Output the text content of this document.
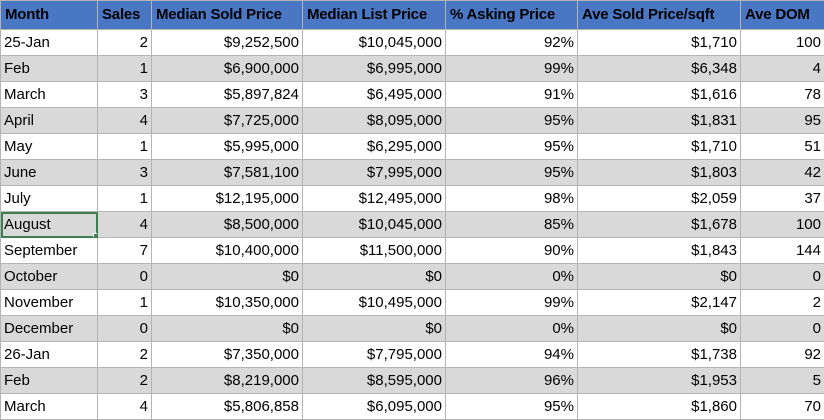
Month	Sales	Median Sold Price	Median List Price	% Asking Price	Ave Sold Price/sqft	Ave DOM
25-Jan	2	$9,252,500	$10,045,000	92%	$1,710	100
Feb	1	$6,900,000	$6,995,000	99%	$6,348	4
March	3	$5,897,824	$6,495,000	91%	$1,616	78
April	4	$7,725,000	$8,095,000	95%	$1,831	95
May	1	$5,995,000	$6,295,000	95%	$1,710	51
June	3	$7,581,100	$7,995,000	95%	$1,803	42
July	1	$12,195,000	$12,495,000	98%	$2,059	37
August	4	$8,500,000	$10,045,000	85%	$1,678	100
September	7	$10,400,000	$11,500,000	90%	$1,843	144
October	0	$0	$0	0%	$0	0
November	1	$10,350,000	$10,495,000	99%	$2,147	2
December	0	$0	$0	0%	$0	0
26-Jan	2	$7,350,000	$7,795,000	94%	$1,738	92
Feb	2	$8,219,000	$8,595,000	96%	$1,953	5
March	4	$5,806,858	$6,095,000	95%	$1,860	70
